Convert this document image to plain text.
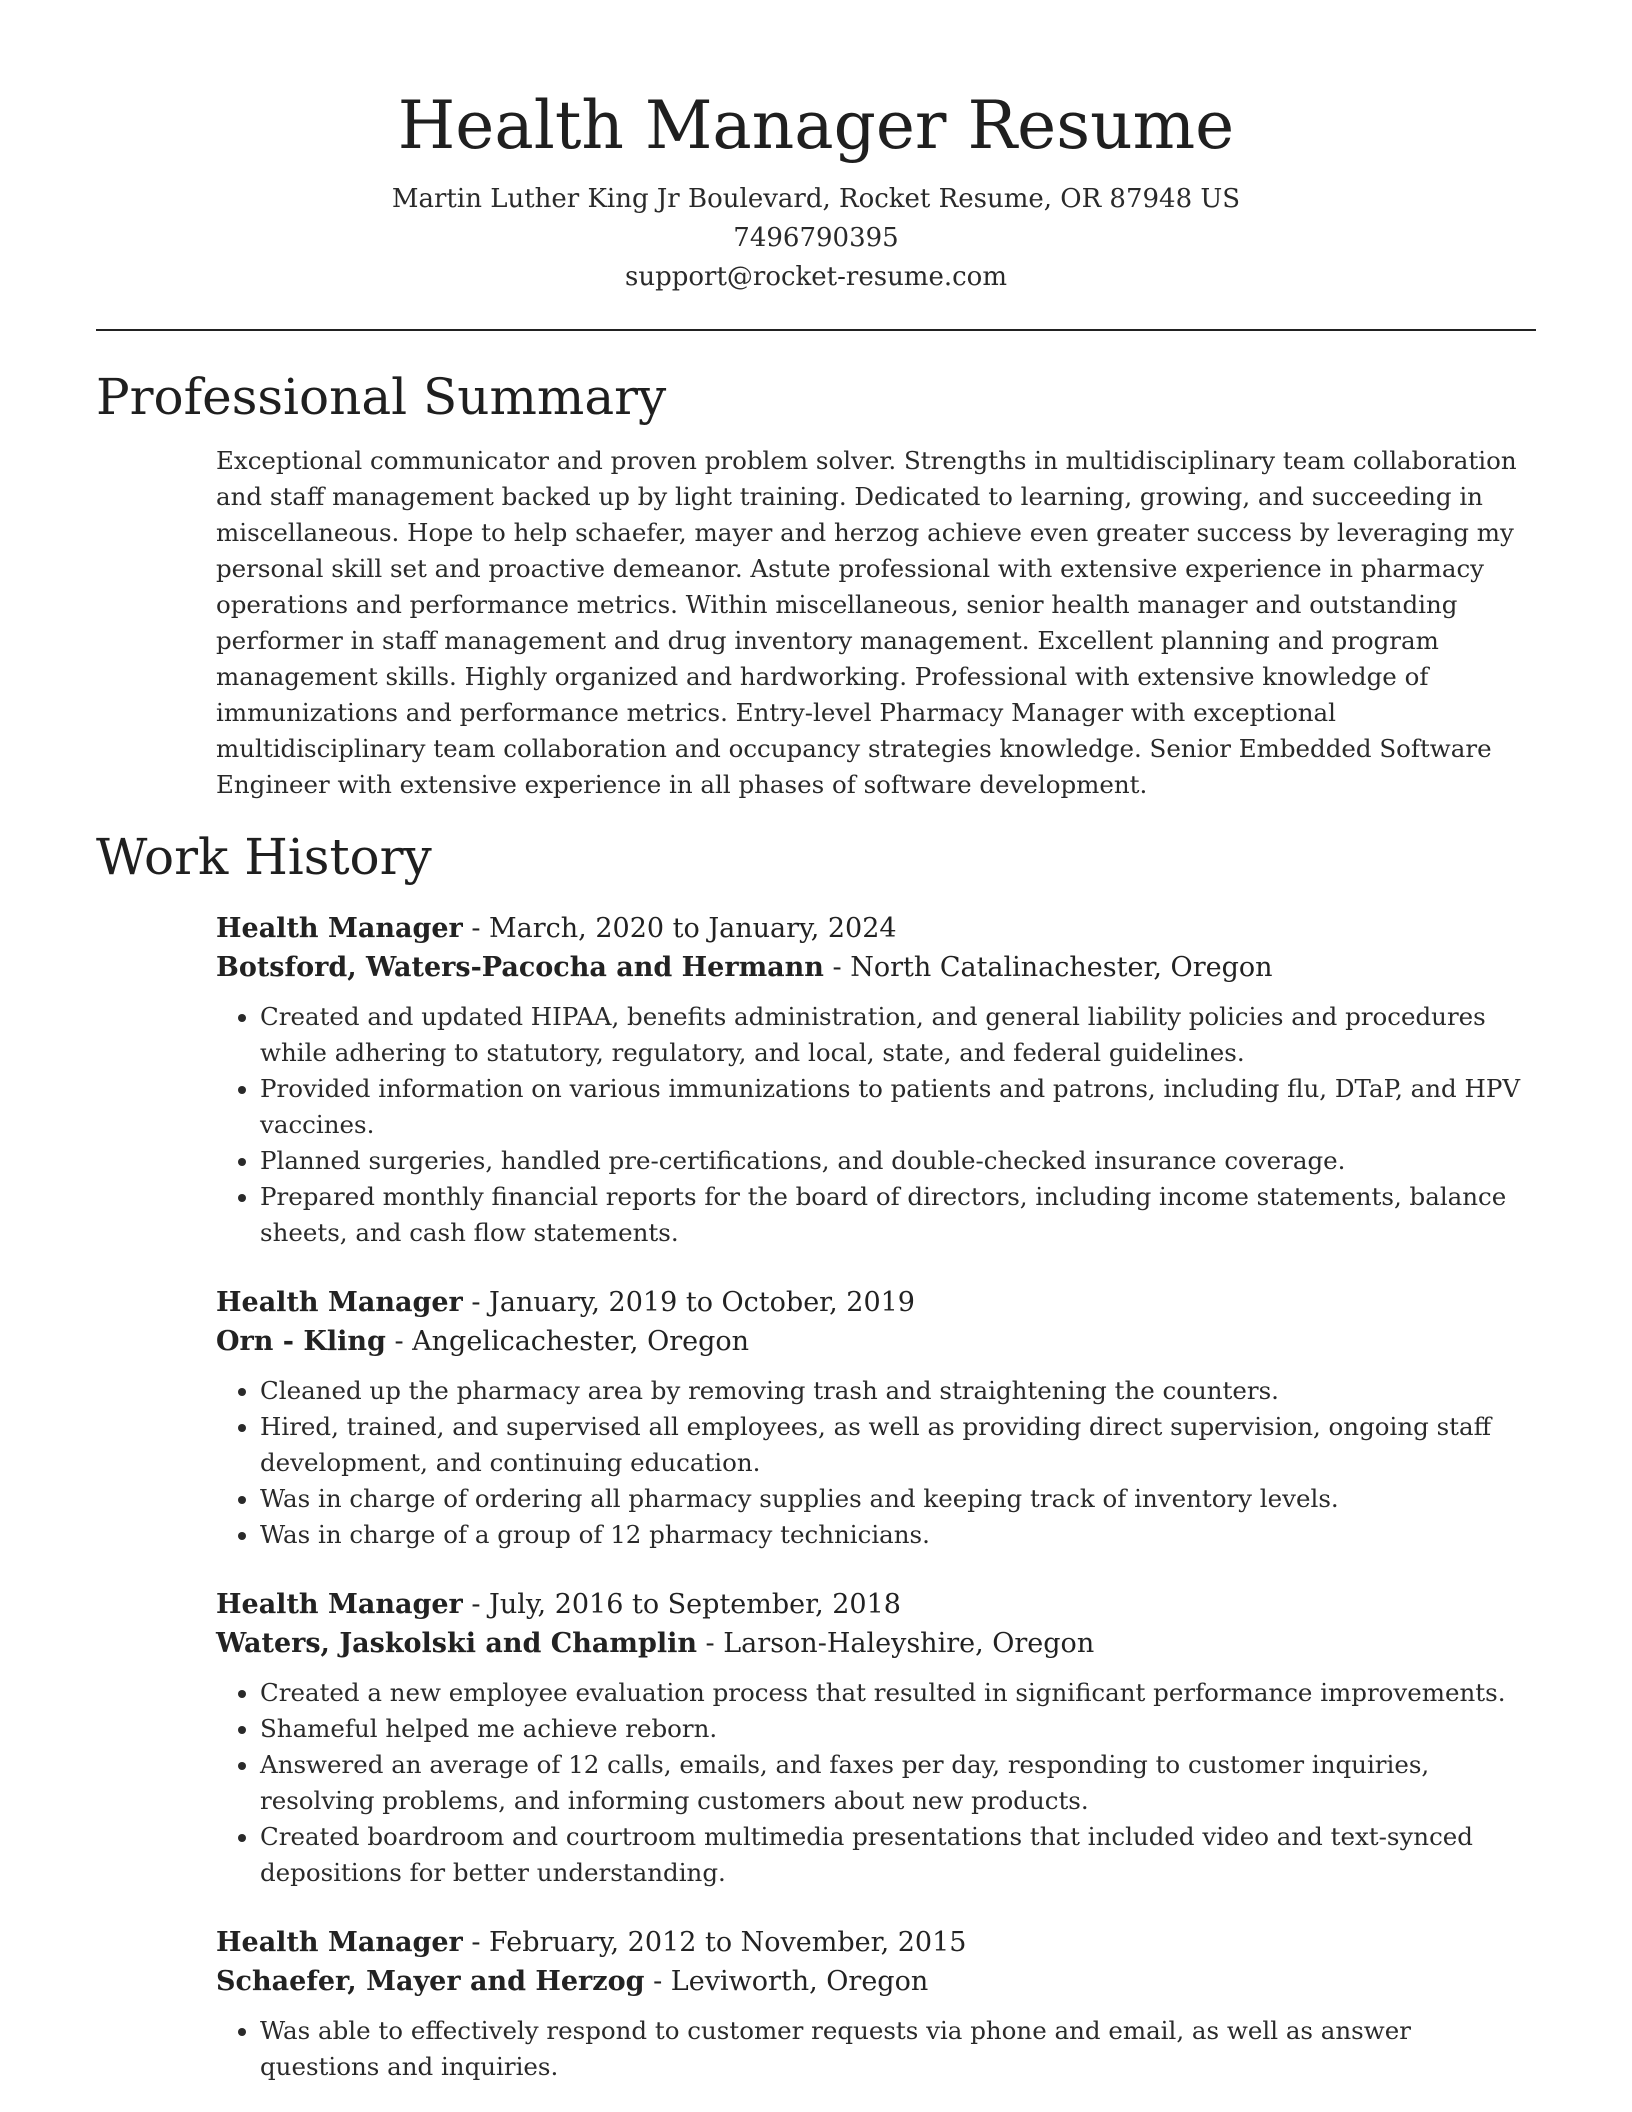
Health Manager Resume

Martin Luther King Jr Boulevard, Rocket Resume, OR 87948 US

7496790395

support@rocket-resume.com

Professional Summary

Exceptional communicator and proven problem solver. Strengths in multidisciplinary team collaboration and staff management backed up by light training. Dedicated to learning, growing, and succeeding in miscellaneous. Hope to help schaefer, mayer and herzog achieve even greater success by leveraging my personal skill set and proactive demeanor. Astute professional with extensive experience in pharmacy operations and performance metrics. Within miscellaneous, senior health manager and outstanding performer in staff management and drug inventory management. Excellent planning and program management skills. Highly organized and hardworking. Professional with extensive knowledge of immunizations and performance metrics. Entry-level Pharmacy Manager with exceptional multidisciplinary team collaboration and occupancy strategies knowledge. Senior Embedded Software Engineer with extensive experience in all phases of software development.

Work History

Health Manager - March, 2020 to January, 2024

Botsford, Waters-Pacocha and Hermann - North Catalinachester, Oregon

• Created and updated HIPAA, benefits administration, and general liability policies and procedures while adhering to statutory, regulatory, and local, state, and federal guidelines.
• Provided information on various immunizations to patients and patrons, including flu, DTaP, and HPV vaccines.
• Planned surgeries, handled pre-certifications, and double-checked insurance coverage.
• Prepared monthly financial reports for the board of directors, including income statements, balance sheets, and cash flow statements.

Health Manager - January, 2019 to October, 2019

Orn - Kling - Angelicachester, Oregon

• Cleaned up the pharmacy area by removing trash and straightening the counters.
• Hired, trained, and supervised all employees, as well as providing direct supervision, ongoing staff development, and continuing education.
• Was in charge of ordering all pharmacy supplies and keeping track of inventory levels.
• Was in charge of a group of 12 pharmacy technicians.

Health Manager - July, 2016 to September, 2018

Waters, Jaskolski and Champlin - Larson-Haleyshire, Oregon

• Created a new employee evaluation process that resulted in significant performance improvements.
• Shameful helped me achieve reborn.
• Answered an average of 12 calls, emails, and faxes per day, responding to customer inquiries, resolving problems, and informing customers about new products.
• Created boardroom and courtroom multimedia presentations that included video and text-synced depositions for better understanding.

Health Manager - February, 2012 to November, 2015

Schaefer, Mayer and Herzog - Leviworth, Oregon

• Was able to effectively respond to customer requests via phone and email, as well as answer questions and inquiries.
